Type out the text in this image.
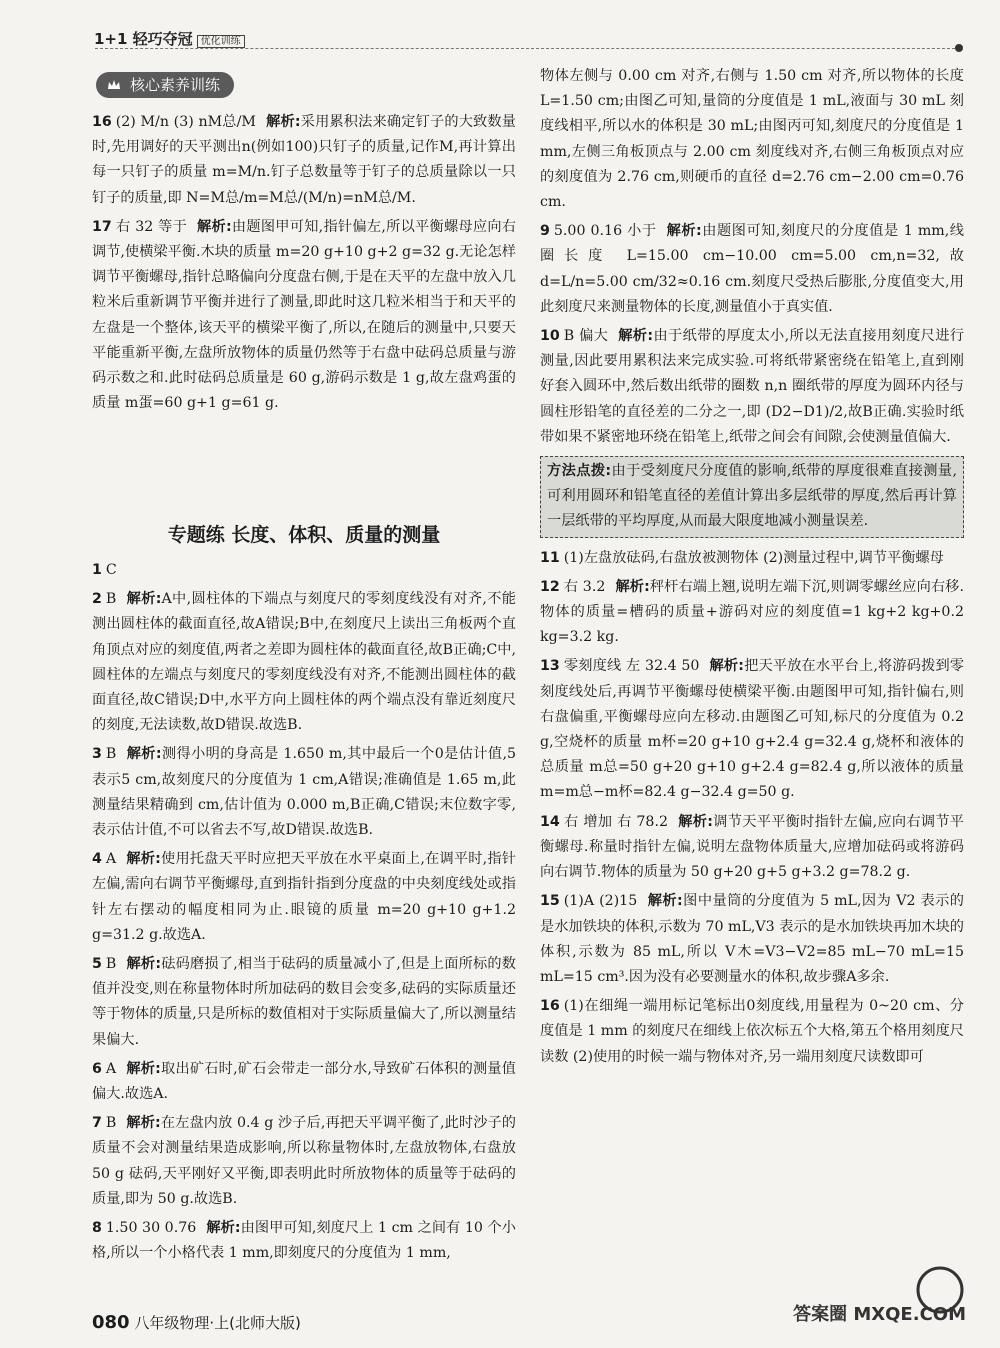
1+1 轻巧夺冠 优化训练
核心素养训练

16 (2) M/n (3) nM总/M 解析:采用累积法来确定钉子的大致数量时,先用调好的天平测出n(例如100)只钉子的质量,记作M,再计算出每一只钉子的质量 m=M/n.钉子总数量等于钉子的总质量除以一只钉子的质量,即 N=M总/m=M总/(M/n)=nM总/M.

17 右 32 等于 解析:由题图甲可知,指针偏左,所以平衡螺母应向右调节,使横梁平衡.木块的质量 m=20 g+10 g+2 g=32 g.无论怎样调节平衡螺母,指针总略偏向分度盘右侧,于是在天平的左盘中放入几粒米后重新调节平衡并进行了测量,即此时这几粒米相当于和天平的左盘是一个整体,该天平的横梁平衡了,所以,在随后的测量中,只要天平能重新平衡,左盘所放物体的质量仍然等于右盘中砝码总质量与游码示数之和.此时砝码总质量是 60 g,游码示数是 1 g,故左盘鸡蛋的质量 m蛋=60 g+1 g=61 g.

专题练 长度、体积、质量的测量

1 C

2 B 解析:A中,圆柱体的下端点与刻度尺的零刻度线没有对齐,不能测出圆柱体的截面直径,故A错误;B中,在刻度尺上读出三角板两个直角顶点对应的刻度值,两者之差即为圆柱体的截面直径,故B正确;C中,圆柱体的左端点与刻度尺的零刻度线没有对齐,不能测出圆柱体的截面直径,故C错误;D中,水平方向上圆柱体的两个端点没有靠近刻度尺的刻度,无法读数,故D错误.故选B.

3 B 解析:测得小明的身高是 1.650 m,其中最后一个0是估计值,5表示5 cm,故刻度尺的分度值为 1 cm,A错误;准确值是 1.65 m,此测量结果精确到 cm,估计值为 0.000 m,B正确,C错误;末位数字零,表示估计值,不可以省去不写,故D错误.故选B.

4 A 解析:使用托盘天平时应把天平放在水平桌面上,在调平时,指针左偏,需向右调节平衡螺母,直到指针指到分度盘的中央刻度线处或指针左右摆动的幅度相同为止.眼镜的质量 m=20 g+10 g+1.2 g=31.2 g.故选A.

5 B 解析:砝码磨损了,相当于砝码的质量减小了,但是上面所标的数值并没变,则在称量物体时所加砝码的数目会变多,砝码的实际质量还等于物体的质量,只是所标的数值相对于实际质量偏大了,所以测量结果偏大.

6 A 解析:取出矿石时,矿石会带走一部分水,导致矿石体积的测量值偏大.故选A.

7 B 解析:在左盘内放 0.4 g 沙子后,再把天平调平衡了,此时沙子的质量不会对测量结果造成影响,所以称量物体时,左盘放物体,右盘放 50 g 砝码,天平刚好又平衡,即表明此时所放物体的质量等于砝码的质量,即为 50 g.故选B.

8 1.50 30 0.76 解析:由图甲可知,刻度尺上 1 cm 之间有 10 个小格,所以一个小格代表 1 mm,即刻度尺的分度值为 1 mm,

物体左侧与 0.00 cm 对齐,右侧与 1.50 cm 对齐,所以物体的长度 L=1.50 cm;由图乙可知,量筒的分度值是 1 mL,液面与 30 mL 刻度线相平,所以水的体积是 30 mL;由图丙可知,刻度尺的分度值是 1 mm,左侧三角板顶点与 2.00 cm 刻度线对齐,右侧三角板顶点对应的刻度值为 2.76 cm,则硬币的直径 d=2.76 cm−2.00 cm=0.76 cm.

9 5.00 0.16 小于 解析:由题图可知,刻度尺的分度值是 1 mm,线圈长度 L=15.00 cm−10.00 cm=5.00 cm,n=32,故 d=L/n=5.00 cm/32≈0.16 cm.刻度尺受热后膨胀,分度值变大,用此刻度尺来测量物体的长度,测量值小于真实值.

10 B 偏大 解析:由于纸带的厚度太小,所以无法直接用刻度尺进行测量,因此要用累积法来完成实验.可将纸带紧密绕在铅笔上,直到刚好套入圆环中,然后数出纸带的圈数 n,n 圈纸带的厚度为圆环内径与圆柱形铅笔的直径差的二分之一,即 (D2−D1)/2,故B正确.实验时纸带如果不紧密地环绕在铅笔上,纸带之间会有间隙,会使测量值偏大.

方法点拨:由于受刻度尺分度值的影响,纸带的厚度很难直接测量,可利用圆环和铅笔直径的差值计算出多层纸带的厚度,然后再计算一层纸带的平均厚度,从而最大限度地减小测量误差.

11 (1)左盘放砝码,右盘放被测物体 (2)测量过程中,调节平衡螺母

12 右 3.2 解析:秤杆右端上翘,说明左端下沉,则调零螺丝应向右移.物体的质量=槽码的质量+游码对应的刻度值=1 kg+2 kg+0.2 kg=3.2 kg.

13 零刻度线 左 32.4 50 解析:把天平放在水平台上,将游码拨到零刻度线处后,再调节平衡螺母使横梁平衡.由题图甲可知,指针偏右,则右盘偏重,平衡螺母应向左移动.由题图乙可知,标尺的分度值为 0.2 g,空烧杯的质量 m杯=20 g+10 g+2.4 g=32.4 g,烧杯和液体的总质量 m总=50 g+20 g+10 g+2.4 g=82.4 g,所以液体的质量 m=m总−m杯=82.4 g−32.4 g=50 g.

14 右 增加 右 78.2 解析:调节天平平衡时指针左偏,应向右调节平衡螺母.称量时指针左偏,说明左盘物体质量大,应增加砝码或将游码向右调节.物体的质量为 50 g+20 g+5 g+3.2 g=78.2 g.

15 (1)A (2)15 解析:图中量筒的分度值为 5 mL,因为 V2 表示的是水加铁块的体积,示数为 70 mL,V3 表示的是水加铁块再加木块的体积,示数为 85 mL,所以 V木=V3−V2=85 mL−70 mL=15 mL=15 cm³.因为没有必要测量水的体积,故步骤A多余.

16 (1)在细绳一端用标记笔标出0刻度线,用量程为 0~20 cm、分度值是 1 mm 的刻度尺在细线上依次标五个大格,第五个格用刻度尺读数 (2)使用的时候一端与物体对齐,另一端用刻度尺读数即可

080 八年级物理·上(北师大版)	答案圈 MXQE.COM
